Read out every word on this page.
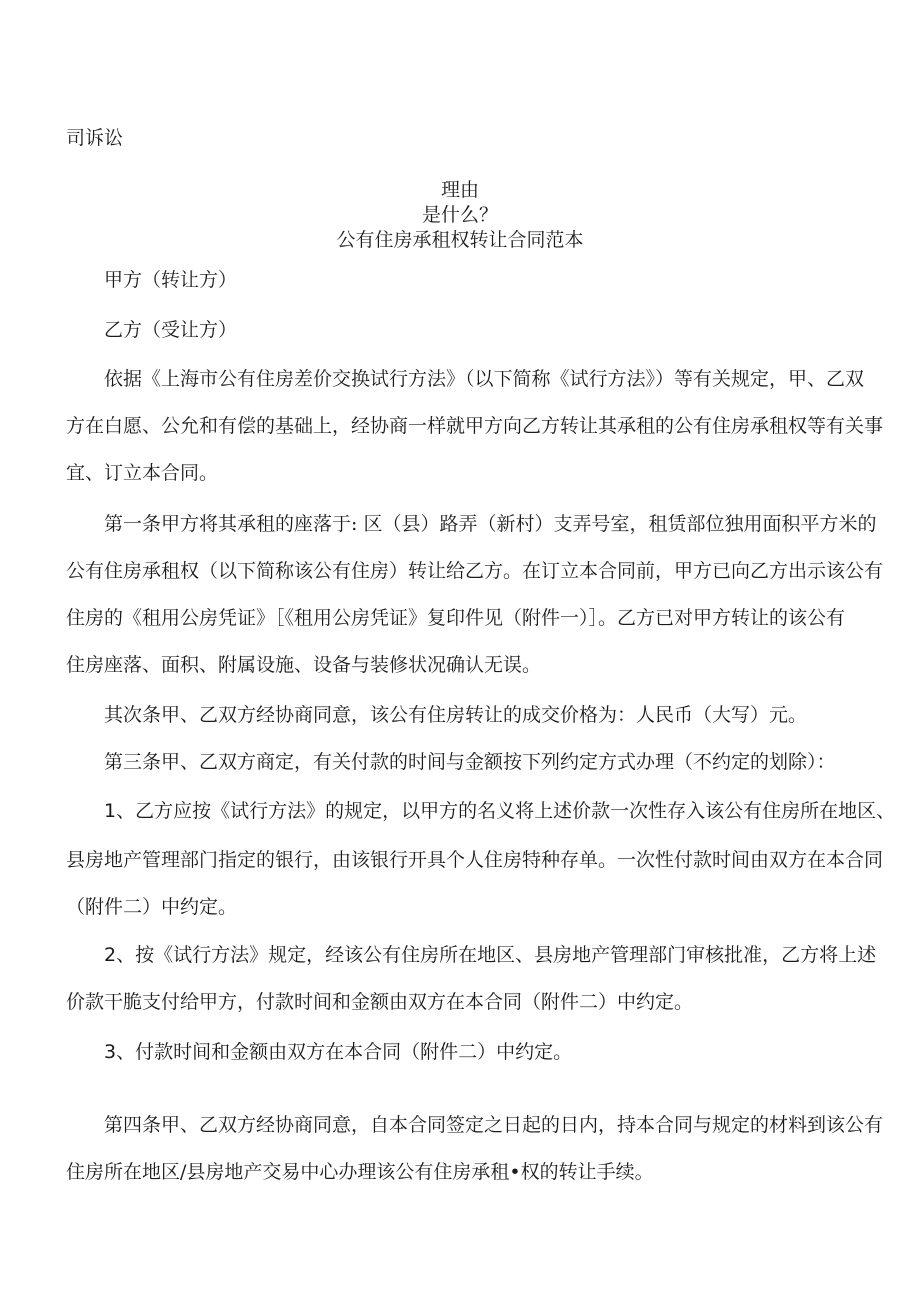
司诉讼
理由
是什么？
公有住房承租权转让合同范本
甲方（转让方）
乙方（受让方）
依据《上海市公有住房差价交换试行方法》（以下简称《试行方法》）等有关规定，甲、乙双
方在白愿、公允和有偿的基础上，经协商一样就甲方向乙方转让其承租的公有住房承租权等有关事
宜、订立本合同。
第一条甲方将其承租的座落于: 区（县）路弄（新村）支弄号室，租赁部位独用面积平方米的
公有住房承租权（以下简称该公有住房）转让给乙方。在订立本合同前，甲方已向乙方出示该公有
住房的《租用公房凭证》［《租用公房凭证》复印件见（附件一）］。乙方已对甲方转让的该公有
住房座落、面积、附属设施、设备与装修状况确认无误。
其次条甲、乙双方经协商同意，该公有住房转让的成交价格为：人民币（大写）元。
第三条甲、乙双方商定，有关付款的时间与金额按下列约定方式办理（不约定的划除）：
1、乙方应按《试行方法》的规定，以甲方的名义将上述价款一次性存入该公有住房所在地区、
县房地产管理部门指定的银行，由该银行开具个人住房特种存单。一次性付款时间由双方在本合同
（附件二）中约定。
2、按《试行方法》规定，经该公有住房所在地区、县房地产管理部门审核批准，乙方将上述
价款干脆支付给甲方，付款时间和金额由双方在本合同（附件二）中约定。
3、付款时间和金额由双方在本合同（附件二）中约定。
第四条甲、乙双方经协商同意，自本合同签定之日起的日内，持本合同与规定的材料到该公有
住房所在地区/县房地产交易中心办理该公有住房承租•权的转让手续。
